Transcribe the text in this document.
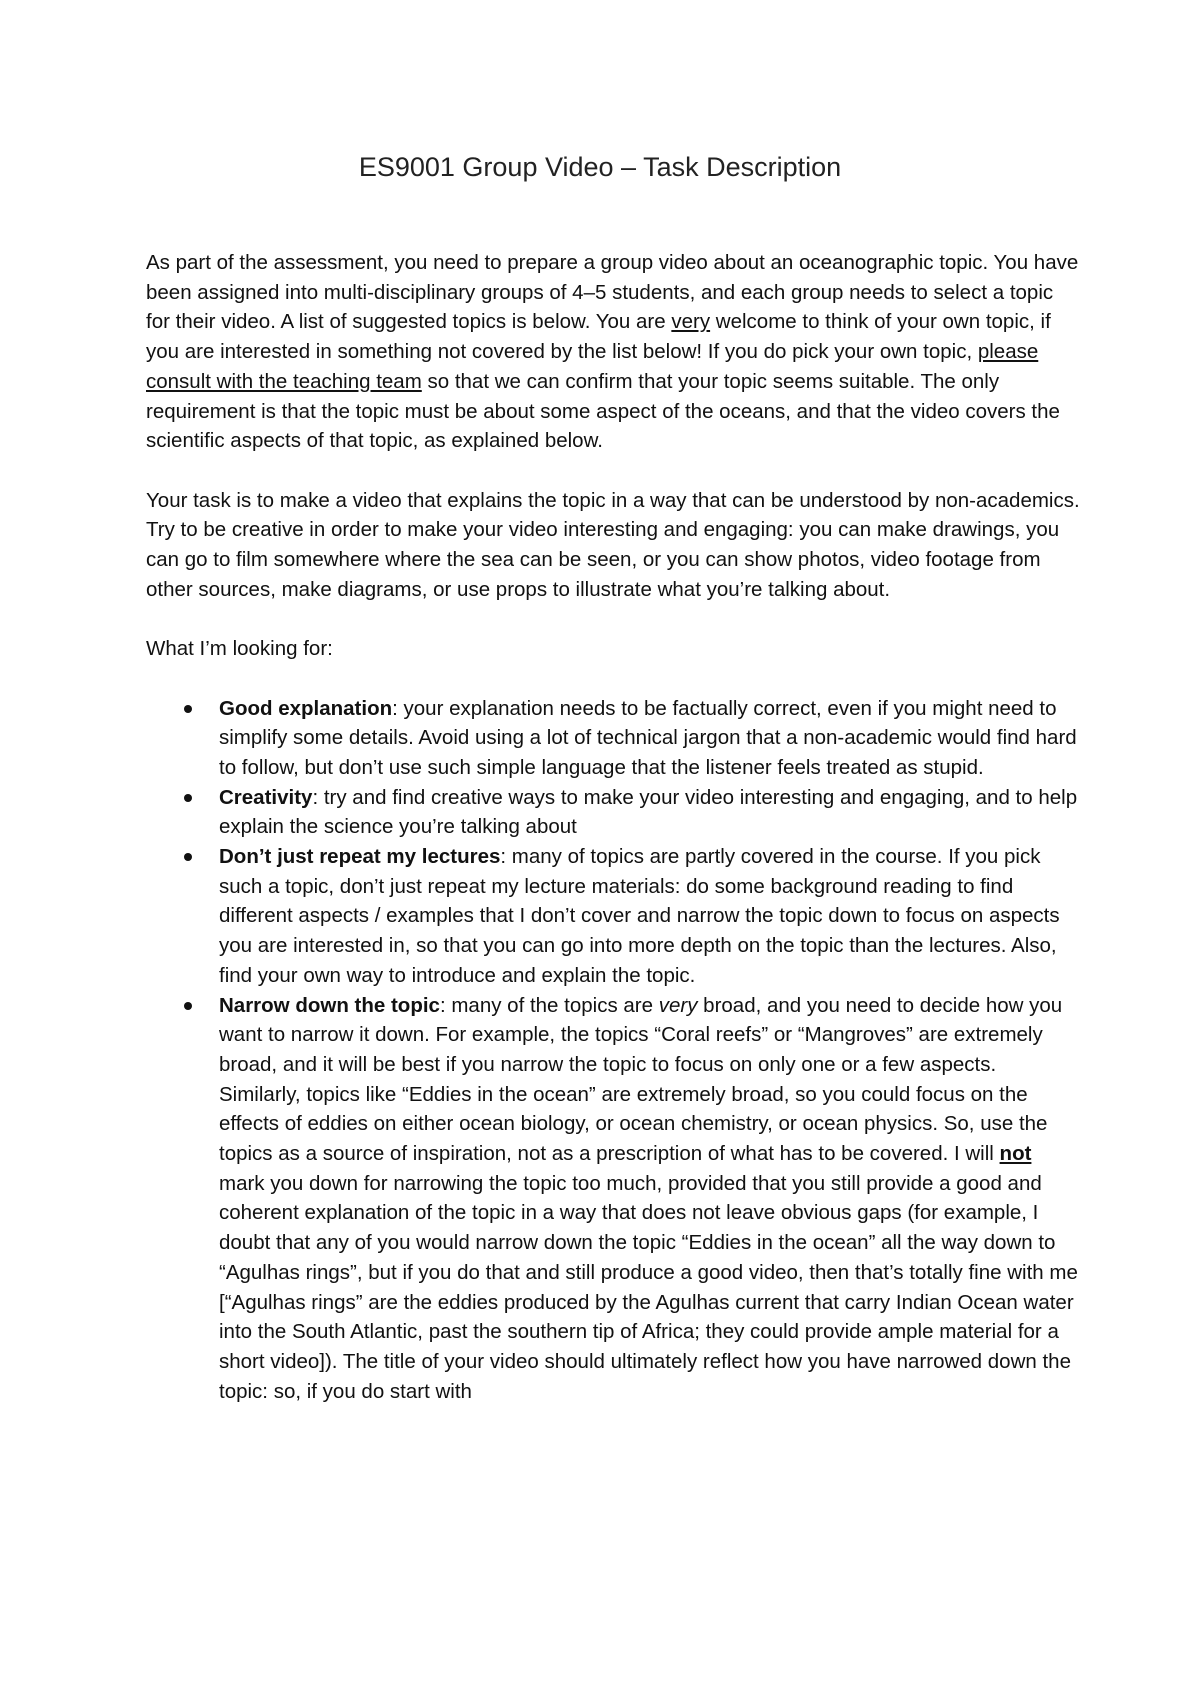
ES9001 Group Video – Task Description

As part of the assessment, you need to prepare a group video about an oceanographic topic. You have been assigned into multi-disciplinary groups of 4–5 students, and each group needs to select a topic for their video. A list of suggested topics is below. You are very welcome to think of your own topic, if you are interested in something not covered by the list below! If you do pick your own topic, please consult with the teaching team so that we can confirm that your topic seems suitable. The only requirement is that the topic must be about some aspect of the oceans, and that the video covers the scientific aspects of that topic, as explained below.

Your task is to make a video that explains the topic in a way that can be understood by non-academics. Try to be creative in order to make your video interesting and engaging: you can make drawings, you can go to film somewhere where the sea can be seen, or you can show photos, video footage from other sources, make diagrams, or use props to illustrate what you’re talking about.

What I’m looking for:

Good explanation: your explanation needs to be factually correct, even if you might need to simplify some details. Avoid using a lot of technical jargon that a non-academic would find hard to follow, but don’t use such simple language that the listener feels treated as stupid.
Creativity: try and find creative ways to make your video interesting and engaging, and to help explain the science you’re talking about
Don’t just repeat my lectures: many of topics are partly covered in the course. If you pick such a topic, don’t just repeat my lecture materials: do some background reading to find different aspects / examples that I don’t cover and narrow the topic down to focus on aspects you are interested in, so that you can go into more depth on the topic than the lectures. Also, find your own way to introduce and explain the topic.
Narrow down the topic: many of the topics are very broad, and you need to decide how you want to narrow it down. For example, the topics “Coral reefs” or “Mangroves” are extremely broad, and it will be best if you narrow the topic to focus on only one or a few aspects. Similarly, topics like “Eddies in the ocean” are extremely broad, so you could focus on the effects of eddies on either ocean biology, or ocean chemistry, or ocean physics. So, use the topics as a source of inspiration, not as a prescription of what has to be covered. I will not mark you down for narrowing the topic too much, provided that you still provide a good and coherent explanation of the topic in a way that does not leave obvious gaps (for example, I doubt that any of you would narrow down the topic “Eddies in the ocean” all the way down to “Agulhas rings”, but if you do that and still produce a good video, then that’s totally fine with me [“Agulhas rings” are the eddies produced by the Agulhas current that carry Indian Ocean water into the South Atlantic, past the southern tip of Africa; they could provide ample material for a short video]). The title of your video should ultimately reflect how you have narrowed down the topic: so, if you do start with
